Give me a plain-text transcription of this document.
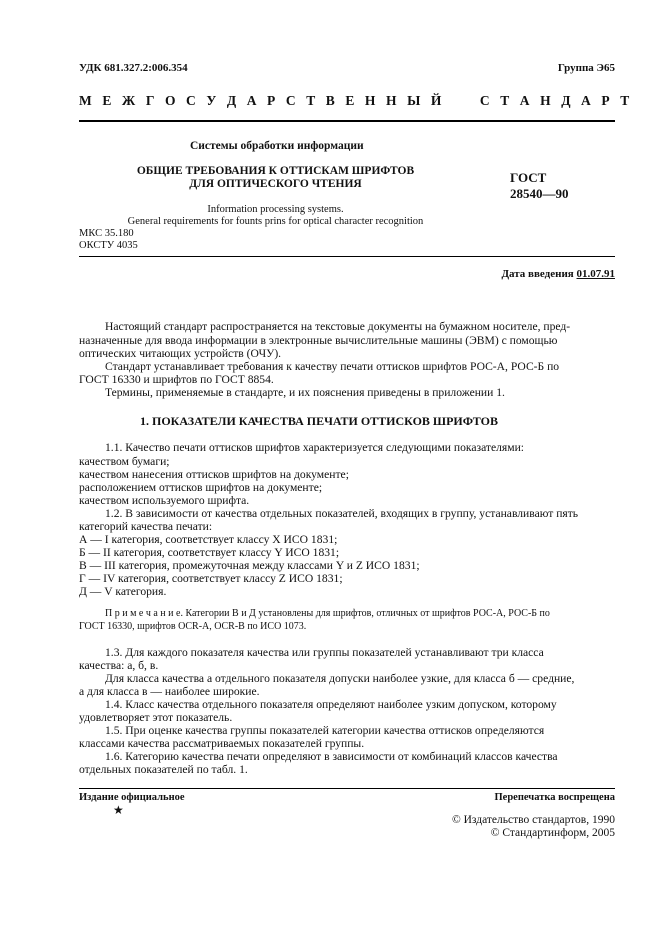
УДК 681.327.2:006.354	Группа Э65
М Е Ж Г О С У Д А Р С Т В Е Н Н Ы Й     С Т А Н Д А Р Т
Системы обработки информации
ОБЩИЕ ТРЕБОВАНИЯ К ОТТИСКАМ ШРИФТОВ
ДЛЯ ОПТИЧЕСКОГО ЧТЕНИЯ	ГОСТ
28540—90
Information processing systems.
General requirements for founts prins for optical character recognition
МКС 35.180
ОКСТУ 4035
Дата введения 01.07.91
Настоящий стандарт распространяется на текстовые документы на бумажном носителе, пред-
назначенные для ввода информации в электронные вычислительные машины (ЭВМ) с помощью
оптических читающих устройств (ОЧУ).
Стандарт устанавливает требования к качеству печати оттисков шрифтов РОС-А, РОС-Б по
ГОСТ 16330 и шрифтов по ГОСТ 8854.
Термины, применяемые в стандарте, и их пояснения приведены в приложении 1.
1. ПОКАЗАТЕЛИ КАЧЕСТВА ПЕЧАТИ ОТТИСКОВ ШРИФТОВ
1.1. Качество печати оттисков шрифтов характеризуется следующими показателями:
качеством бумаги;
качеством нанесения оттисков шрифтов на документе;
расположением оттисков шрифтов на документе;
качеством используемого шрифта.
1.2. В зависимости от качества отдельных показателей, входящих в группу, устанавливают пять
категорий качества печати:
А — I категория, соответствует классу X ИСО 1831;
Б — II категория, соответствует классу Y ИСО 1831;
В — III категория, промежуточная между классами Y и Z ИСО 1831;
Г — IV категория, соответствует классу Z ИСО 1831;
Д — V категория.
П р и м е ч а н и е. Категории В и Д установлены для шрифтов, отличных от шрифтов РОС-А, РОС-Б по
ГОСТ 16330, шрифтов OCR-A, OCR-B по ИСО 1073.
1.3. Для каждого показателя качества или группы показателей устанавливают три класса
качества: а, б, в.
Для класса качества а отдельного показателя допуски наиболее узкие, для класса б — средние,
а для класса в — наиболее широкие.
1.4. Класс качества отдельного показателя определяют наиболее узким допуском, которому
удовлетворяет этот показатель.
1.5. При оценке качества группы показателей категории качества оттисков определяются
классами качества рассматриваемых показателей группы.
1.6. Категорию качества печати определяют в зависимости от комбинаций классов качества
отдельных показателей по табл. 1.
Издание официальное	Перепечатка воспрещена
★
© Издательство стандартов, 1990
© Стандартинформ, 2005
